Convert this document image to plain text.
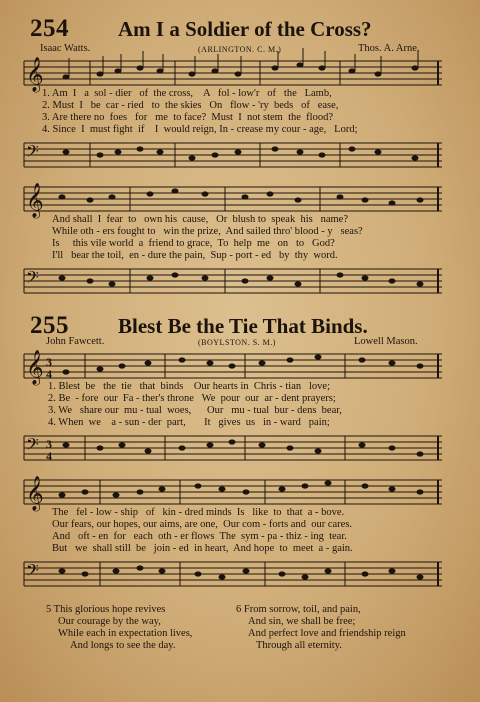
254 Am I a Soldier of the Cross?
Isaac Watts.	(ARLINGTON. C. M.)	Thos. A. Arne.
𝄞
1. Am  I   a  sol - dier   of  the cross,    A   fol - low'r   of   the   Lamb,
2. Must  I   be  car - ried   to  the skies   On   flow - 'ry  beds   of   ease,
3. Are there no  foes   for   me  to face?  Must  I  not stem  the  flood?
4. Since  I  must fight  if    I  would reign, In - crease my cour - age,   Lord;
𝄢
𝄞
And shall  I  fear  to   own his  cause,   Or  blush to  speak  his   name?
While oth - ers fought to   win the prize,  And sailed thro' blood - y   seas?
Is     this vile world  a  friend to grace,  To  help  me   on   to   God?
I'll   bear the toil,  en - dure the pain,  Sup - port - ed   by  thy  word.
𝄢
255 Blest Be the Tie That Binds.
John Fawcett.	(BOYLSTON. S. M.)	Lowell Mason.
𝄞 3
4
1. Blest  be   the  tie   that  binds    Our hearts in  Chris - tian   love;
2. Be  - fore  our  Fa - ther's throne   We  pour  our  ar - dent prayers;
3. We   share our  mu - tual  woes,      Our   mu - tual  bur - dens  bear,
4. When  we    a - sun - der  part,       It   gives  us   in - ward   pain;
𝄢 3
4
𝄞
The   fel - low - ship   of   kin - dred minds  Is   like  to  that  a - bove.
Our fears, our hopes, our aims, are one,  Our com - forts and  our cares.
And   oft - en  for   each  oth - er flows  The  sym - pa - thiz - ing  tear.
But   we  shall still  be   join - ed  in heart,  And hope  to  meet  a - gain.
𝄢
5 This glorious hope revives
Our courage by the way,
While each in expectation lives,
And longs to see the day.
6 From sorrow, toil, and pain,
And sin, we shall be free;
And perfect love and friendship reign
Through all eternity.
